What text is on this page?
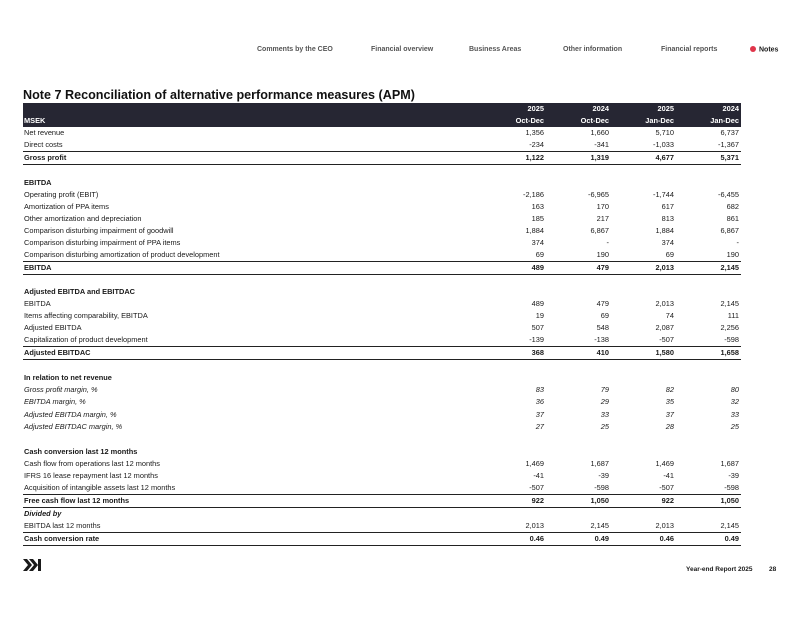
Comments by the CEO	Financial overview	Business Areas	Other information	Financial reports	Notes
Note 7 Reconciliation of alternative performance measures (APM)
	2025	2024	2025	2024
MSEK	Oct-Dec	Oct-Dec	Jan-Dec	Jan-Dec
Net revenue	1,356	1,660	5,710	6,737
Direct costs	-234	-341	-1,033	-1,367
Gross profit	1,122	1,319	4,677	5,371

EBITDA				
Operating profit (EBIT)	-2,186	-6,965	-1,744	-6,455
Amortization of PPA items	163	170	617	682
Other amortization and depreciation	185	217	813	861
Comparison disturbing impairment of goodwill	1,884	6,867	1,884	6,867
Comparison disturbing impairment of PPA items	374	-	374	-
Comparison disturbing amortization of product development	69	190	69	190
EBITDA	489	479	2,013	2,145

Adjusted EBITDA and EBITDAC				
EBITDA	489	479	2,013	2,145
Items affecting comparability, EBITDA	19	69	74	111
Adjusted EBITDA	507	548	2,087	2,256
Capitalization of product development	-139	-138	-507	-598
Adjusted EBITDAC	368	410	1,580	1,658

In relation to net revenue				
Gross profit margin, %	83	79	82	80
EBITDA margin, %	36	29	35	32
Adjusted EBITDA margin, %	37	33	37	33
Adjusted EBITDAC margin, %	27	25	28	25

Cash conversion last 12 months				
Cash flow from operations last 12 months	1,469	1,687	1,469	1,687
IFRS 16 lease repayment last 12 months	-41	-39	-41	-39
Acquisition of intangible assets last 12 months	-507	-598	-507	-598
Free cash flow last 12 months	922	1,050	922	1,050
Divided by				
EBITDA last 12 months	2,013	2,145	2,013	2,145
Cash conversion rate	0.46	0.49	0.46	0.49
Year-end Report 2025	28
